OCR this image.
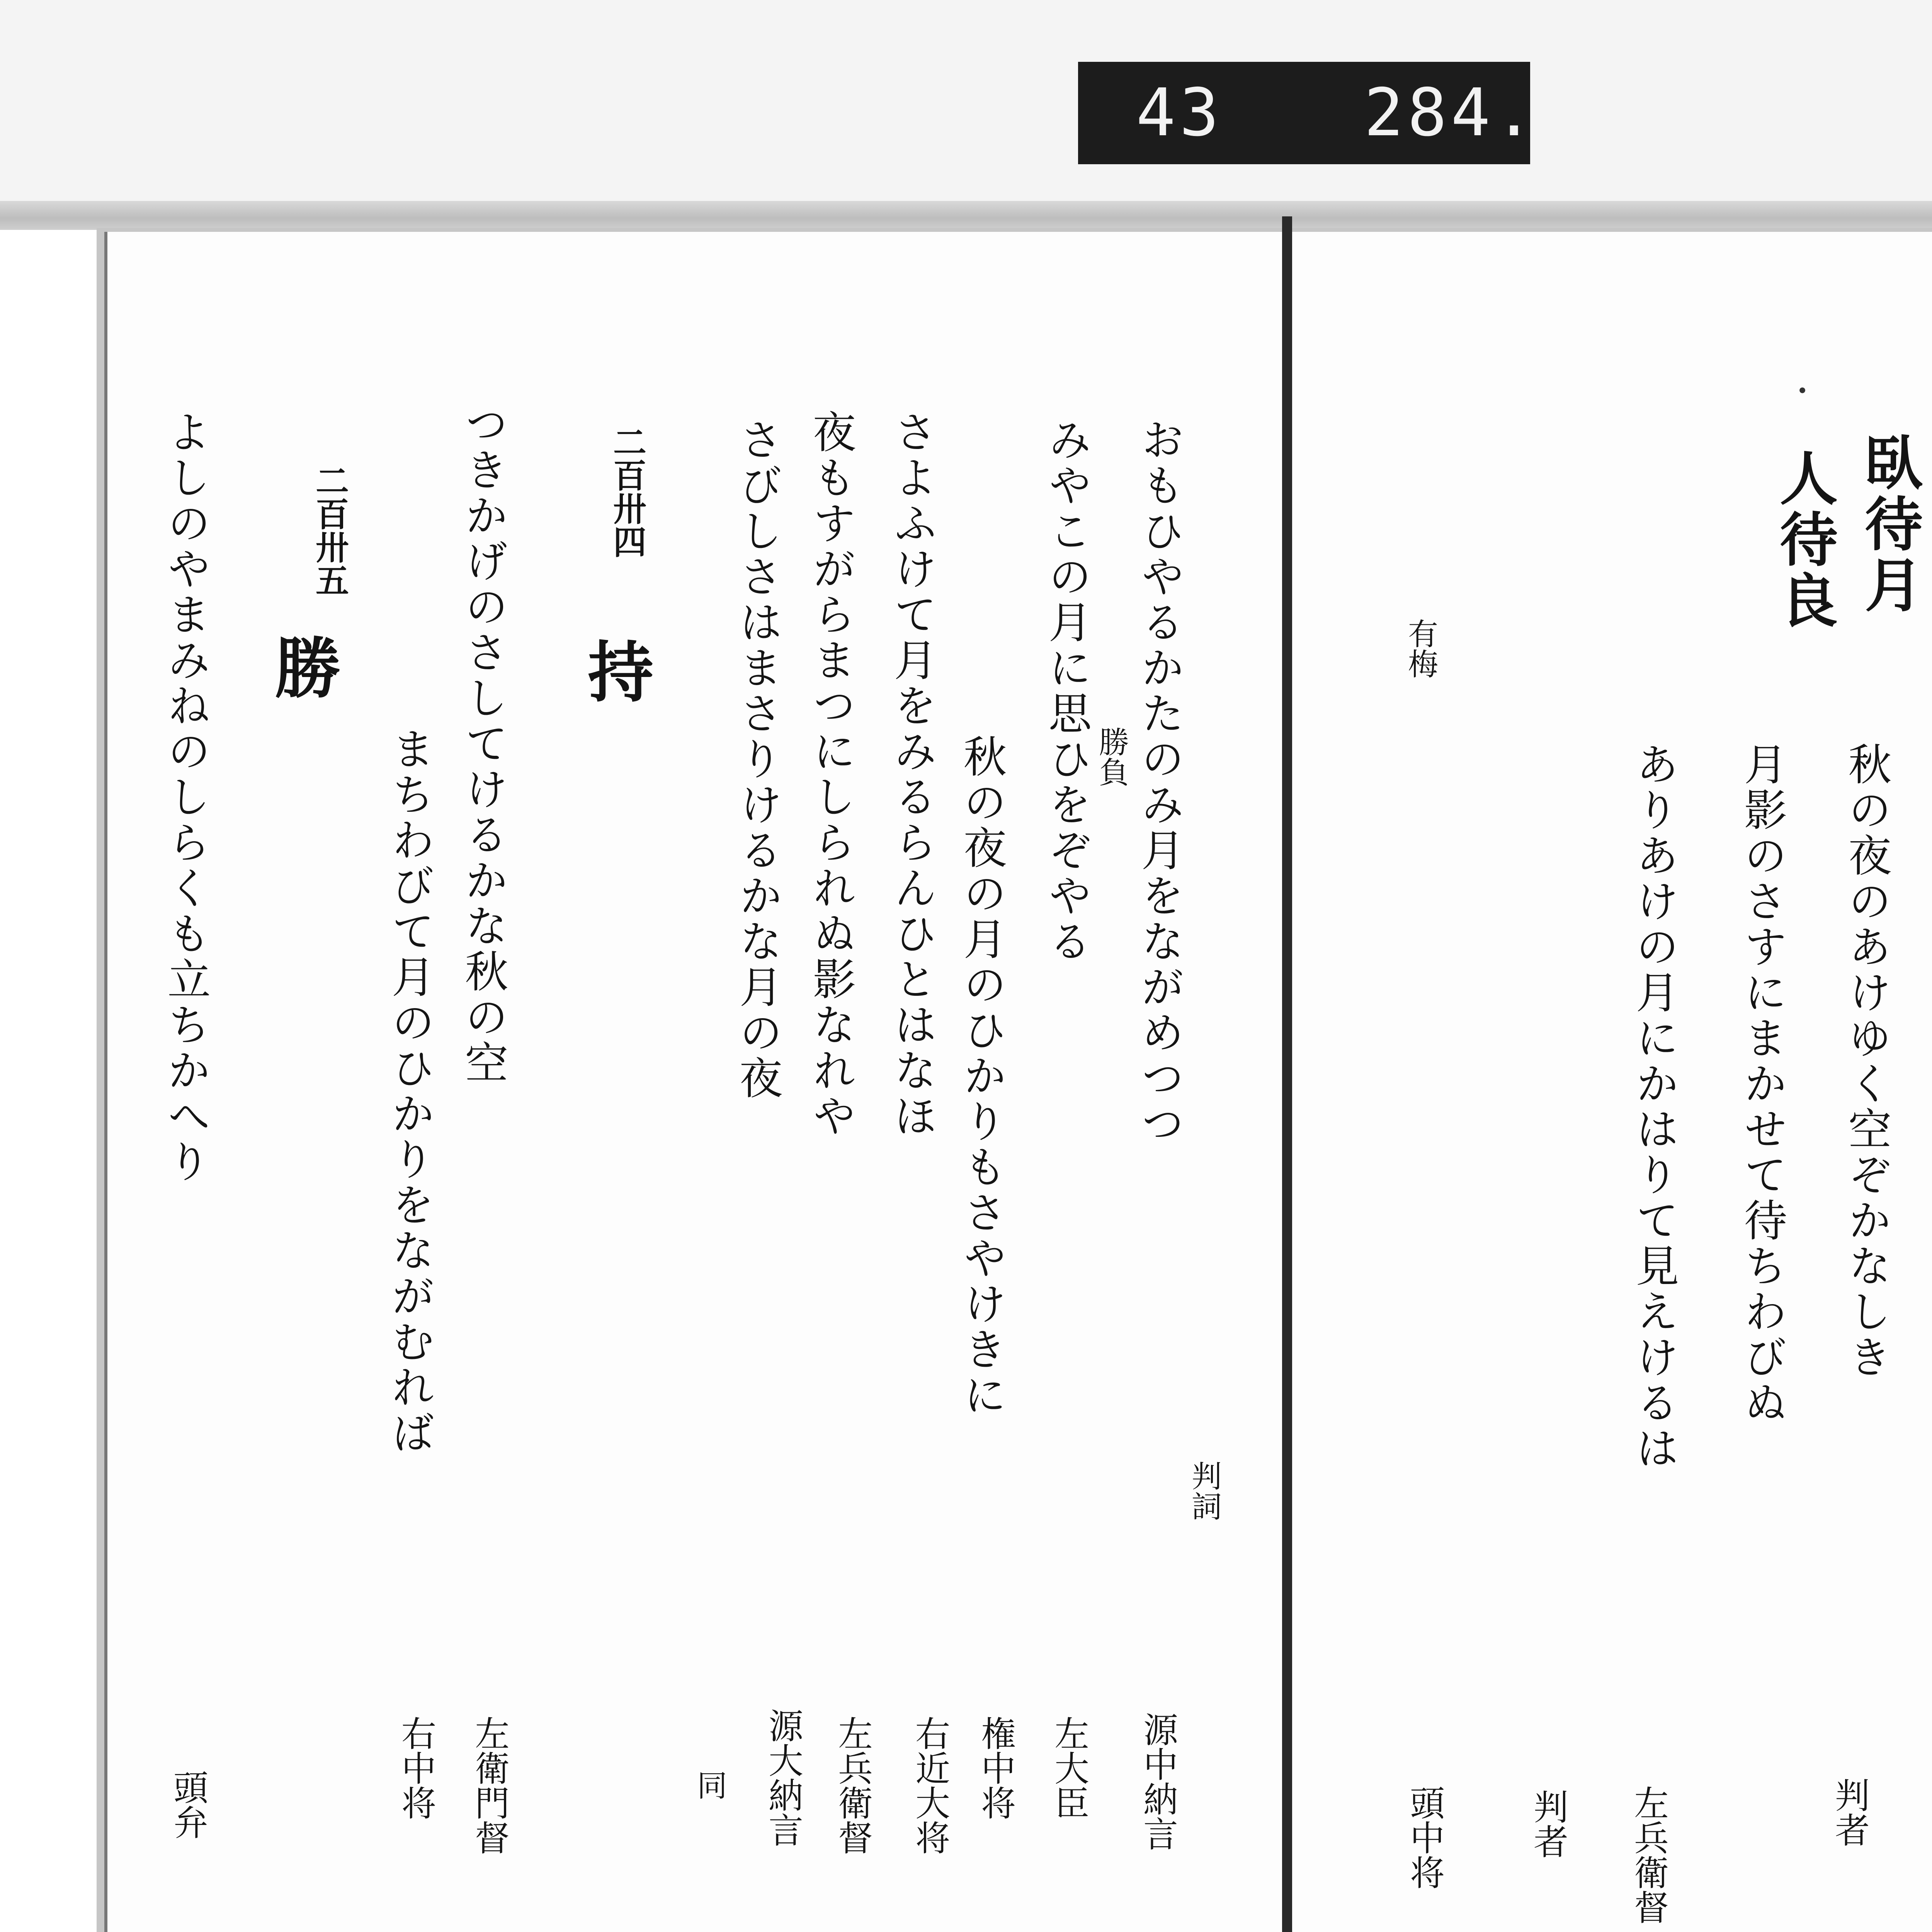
43 284.
臥待月
人待良
・
有梅
秋の夜のあけゆく空ぞかなしき
月影のさすにまかせて待ちわびぬ
ありあけの月にかはりて見えけるは
判者
左兵衛督
判者
頭中将
二百卅四
二百卅五
持
勝	おもひやるかたのみ月をながめつつ
みやこの月に思ひをぞやる
秋の夜の月のひかりもさやけきに
さよふけて月をみるらんひとはなほ
夜もすがらまつにしられぬ影なれや
さびしさはまさりけるかな月の夜
つきかげのさしてけるかな秋の空
まちわびて月のひかりをながむれば
よしのやまみねのしらくも立ちかへり	勝負
判詞
同	源中納言
左大臣
権中将
右近大将
左兵衛督
源大納言
左衛門督
右中将
頭弁
